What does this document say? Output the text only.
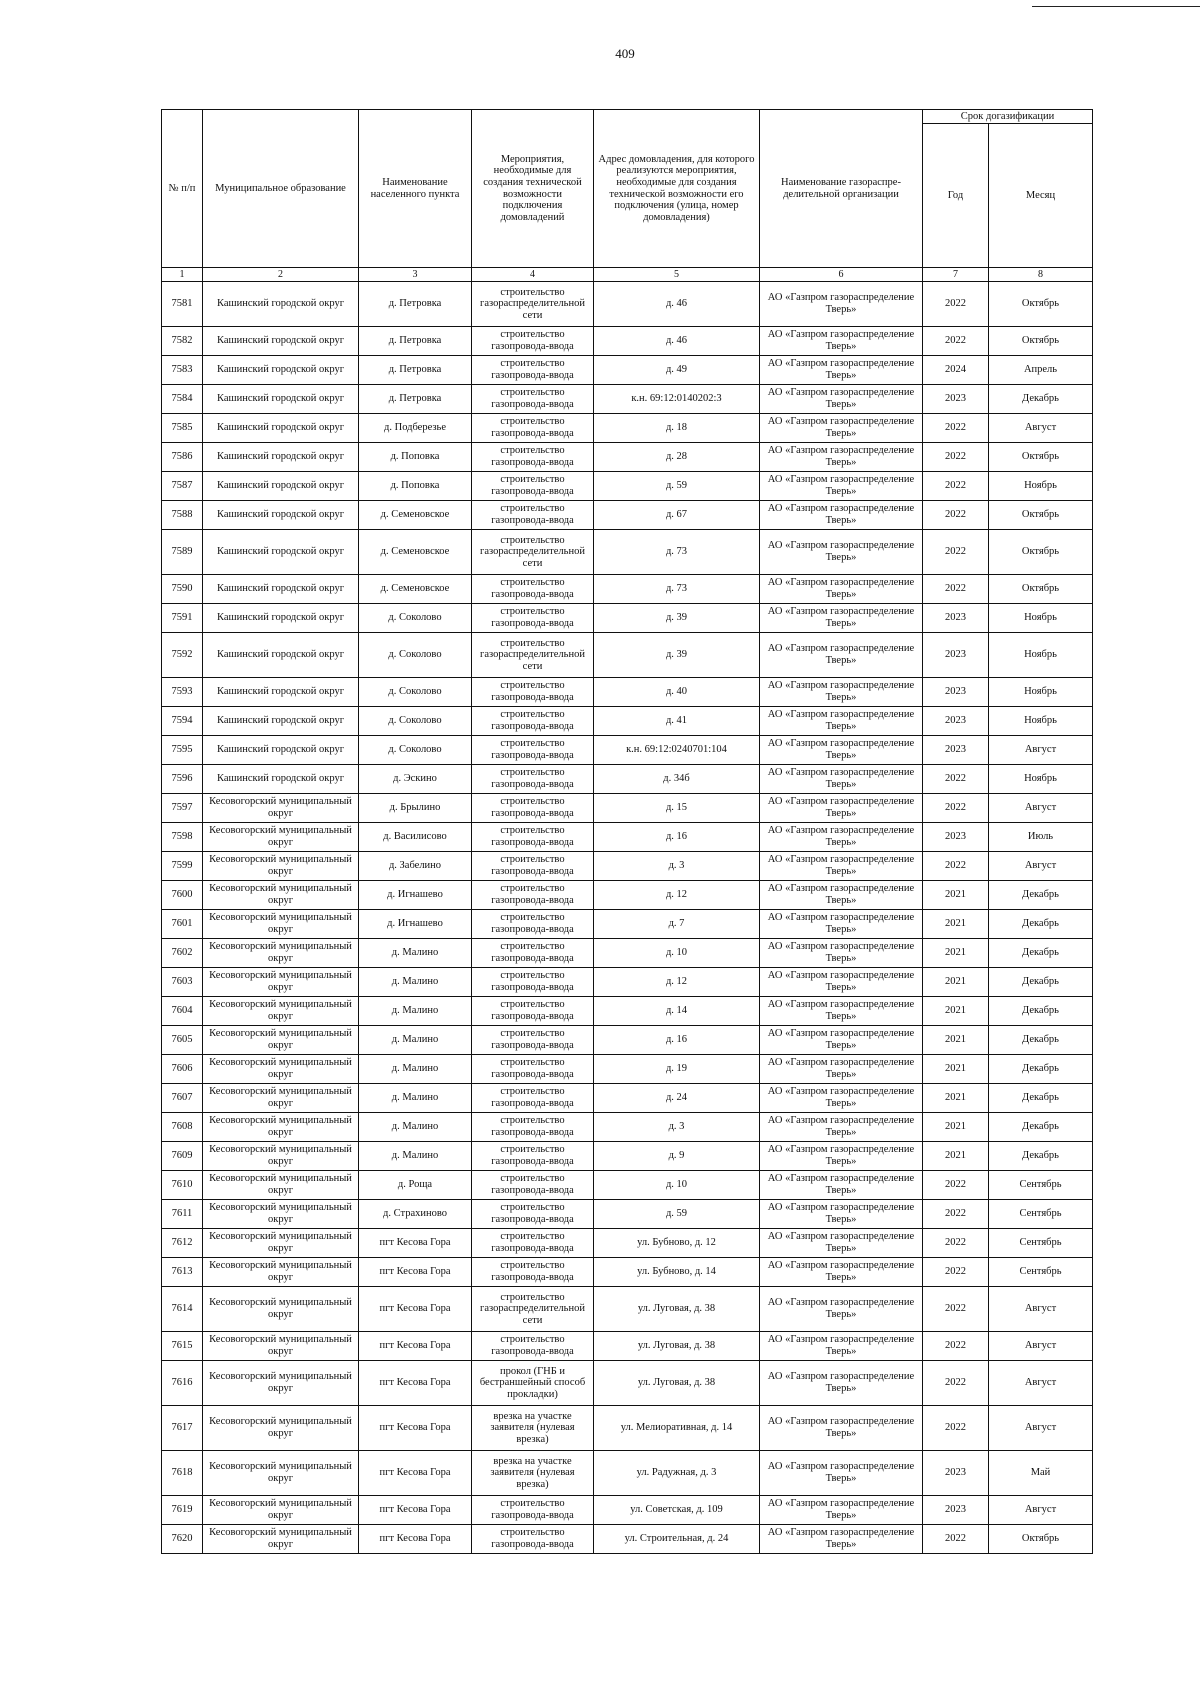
409
№ п/п	Муниципальное образование	Наименование населенного пункта	Мероприятия, необходимые для создания технической возможности подключения домовладений	Адрес домовладения, для которого реализуются мероприятия, необходимые для создания технической возможности его подключения (улица, номер домовладения)	Наименование газораспре-делительной организации	Срок догазификации	
						Год	Месяц
1	2	3	4	5	6	7	8
7581	Кашинский городской округ	д. Петровка	строительство газораспределительной сети	д. 46	АО «Газпром газораспределение Тверь»	2022	Октябрь
7582	Кашинский городской округ	д. Петровка	строительство газопровода-ввода	д. 46	АО «Газпром газораспределение Тверь»	2022	Октябрь
7583	Кашинский городской округ	д. Петровка	строительство газопровода-ввода	д. 49	АО «Газпром газораспределение Тверь»	2024	Апрель
7584	Кашинский городской округ	д. Петровка	строительство газопровода-ввода	к.н. 69:12:0140202:3	АО «Газпром газораспределение Тверь»	2023	Декабрь
7585	Кашинский городской округ	д. Подберезье	строительство газопровода-ввода	д. 18	АО «Газпром газораспределение Тверь»	2022	Август
7586	Кашинский городской округ	д. Поповка	строительство газопровода-ввода	д. 28	АО «Газпром газораспределение Тверь»	2022	Октябрь
7587	Кашинский городской округ	д. Поповка	строительство газопровода-ввода	д. 59	АО «Газпром газораспределение Тверь»	2022	Ноябрь
7588	Кашинский городской округ	д. Семеновское	строительство газопровода-ввода	д. 67	АО «Газпром газораспределение Тверь»	2022	Октябрь
7589	Кашинский городской округ	д. Семеновское	строительство газораспределительной сети	д. 73	АО «Газпром газораспределение Тверь»	2022	Октябрь
7590	Кашинский городской округ	д. Семеновское	строительство газопровода-ввода	д. 73	АО «Газпром газораспределение Тверь»	2022	Октябрь
7591	Кашинский городской округ	д. Соколово	строительство газопровода-ввода	д. 39	АО «Газпром газораспределение Тверь»	2023	Ноябрь
7592	Кашинский городской округ	д. Соколово	строительство газораспределительной сети	д. 39	АО «Газпром газораспределение Тверь»	2023	Ноябрь
7593	Кашинский городской округ	д. Соколово	строительство газопровода-ввода	д. 40	АО «Газпром газораспределение Тверь»	2023	Ноябрь
7594	Кашинский городской округ	д. Соколово	строительство газопровода-ввода	д. 41	АО «Газпром газораспределение Тверь»	2023	Ноябрь
7595	Кашинский городской округ	д. Соколово	строительство газопровода-ввода	к.н. 69:12:0240701:104	АО «Газпром газораспределение Тверь»	2023	Август
7596	Кашинский городской округ	д. Эскино	строительство газопровода-ввода	д. 34б	АО «Газпром газораспределение Тверь»	2022	Ноябрь
7597	Кесовогорский муниципальный округ	д. Брылино	строительство газопровода-ввода	д. 15	АО «Газпром газораспределение Тверь»	2022	Август
7598	Кесовогорский муниципальный округ	д. Василисово	строительство газопровода-ввода	д. 16	АО «Газпром газораспределение Тверь»	2023	Июль
7599	Кесовогорский муниципальный округ	д. Забелино	строительство газопровода-ввода	д. 3	АО «Газпром газораспределение Тверь»	2022	Август
7600	Кесовогорский муниципальный округ	д. Игнашево	строительство газопровода-ввода	д. 12	АО «Газпром газораспределение Тверь»	2021	Декабрь
7601	Кесовогорский муниципальный округ	д. Игнашево	строительство газопровода-ввода	д. 7	АО «Газпром газораспределение Тверь»	2021	Декабрь
7602	Кесовогорский муниципальный округ	д. Малино	строительство газопровода-ввода	д. 10	АО «Газпром газораспределение Тверь»	2021	Декабрь
7603	Кесовогорский муниципальный округ	д. Малино	строительство газопровода-ввода	д. 12	АО «Газпром газораспределение Тверь»	2021	Декабрь
7604	Кесовогорский муниципальный округ	д. Малино	строительство газопровода-ввода	д. 14	АО «Газпром газораспределение Тверь»	2021	Декабрь
7605	Кесовогорский муниципальный округ	д. Малино	строительство газопровода-ввода	д. 16	АО «Газпром газораспределение Тверь»	2021	Декабрь
7606	Кесовогорский муниципальный округ	д. Малино	строительство газопровода-ввода	д. 19	АО «Газпром газораспределение Тверь»	2021	Декабрь
7607	Кесовогорский муниципальный округ	д. Малино	строительство газопровода-ввода	д. 24	АО «Газпром газораспределение Тверь»	2021	Декабрь
7608	Кесовогорский муниципальный округ	д. Малино	строительство газопровода-ввода	д. 3	АО «Газпром газораспределение Тверь»	2021	Декабрь
7609	Кесовогорский муниципальный округ	д. Малино	строительство газопровода-ввода	д. 9	АО «Газпром газораспределение Тверь»	2021	Декабрь
7610	Кесовогорский муниципальный округ	д. Роща	строительство газопровода-ввода	д. 10	АО «Газпром газораспределение Тверь»	2022	Сентябрь
7611	Кесовогорский муниципальный округ	д. Страхиново	строительство газопровода-ввода	д. 59	АО «Газпром газораспределение Тверь»	2022	Сентябрь
7612	Кесовогорский муниципальный округ	пгт Кесова Гора	строительство газопровода-ввода	ул. Бубново, д. 12	АО «Газпром газораспределение Тверь»	2022	Сентябрь
7613	Кесовогорский муниципальный округ	пгт Кесова Гора	строительство газопровода-ввода	ул. Бубново, д. 14	АО «Газпром газораспределение Тверь»	2022	Сентябрь
7614	Кесовогорский муниципальный округ	пгт Кесова Гора	строительство газораспределительной сети	ул. Луговая, д. 38	АО «Газпром газораспределение Тверь»	2022	Август
7615	Кесовогорский муниципальный округ	пгт Кесова Гора	строительство газопровода-ввода	ул. Луговая, д. 38	АО «Газпром газораспределение Тверь»	2022	Август
7616	Кесовогорский муниципальный округ	пгт Кесова Гора	прокол (ГНБ и бестраншейный способ прокладки)	ул. Луговая, д. 38	АО «Газпром газораспределение Тверь»	2022	Август
7617	Кесовогорский муниципальный округ	пгт Кесова Гора	врезка на участке заявителя (нулевая врезка)	ул. Мелиоративная, д. 14	АО «Газпром газораспределение Тверь»	2022	Август
7618	Кесовогорский муниципальный округ	пгт Кесова Гора	врезка на участке заявителя (нулевая врезка)	ул. Радужная, д. 3	АО «Газпром газораспределение Тверь»	2023	Май
7619	Кесовогорский муниципальный округ	пгт Кесова Гора	строительство газопровода-ввода	ул. Советская, д. 109	АО «Газпром газораспределение Тверь»	2023	Август
7620	Кесовогорский муниципальный округ	пгт Кесова Гора	строительство газопровода-ввода	ул. Строительная, д. 24	АО «Газпром газораспределение Тверь»	2022	Октябрь
